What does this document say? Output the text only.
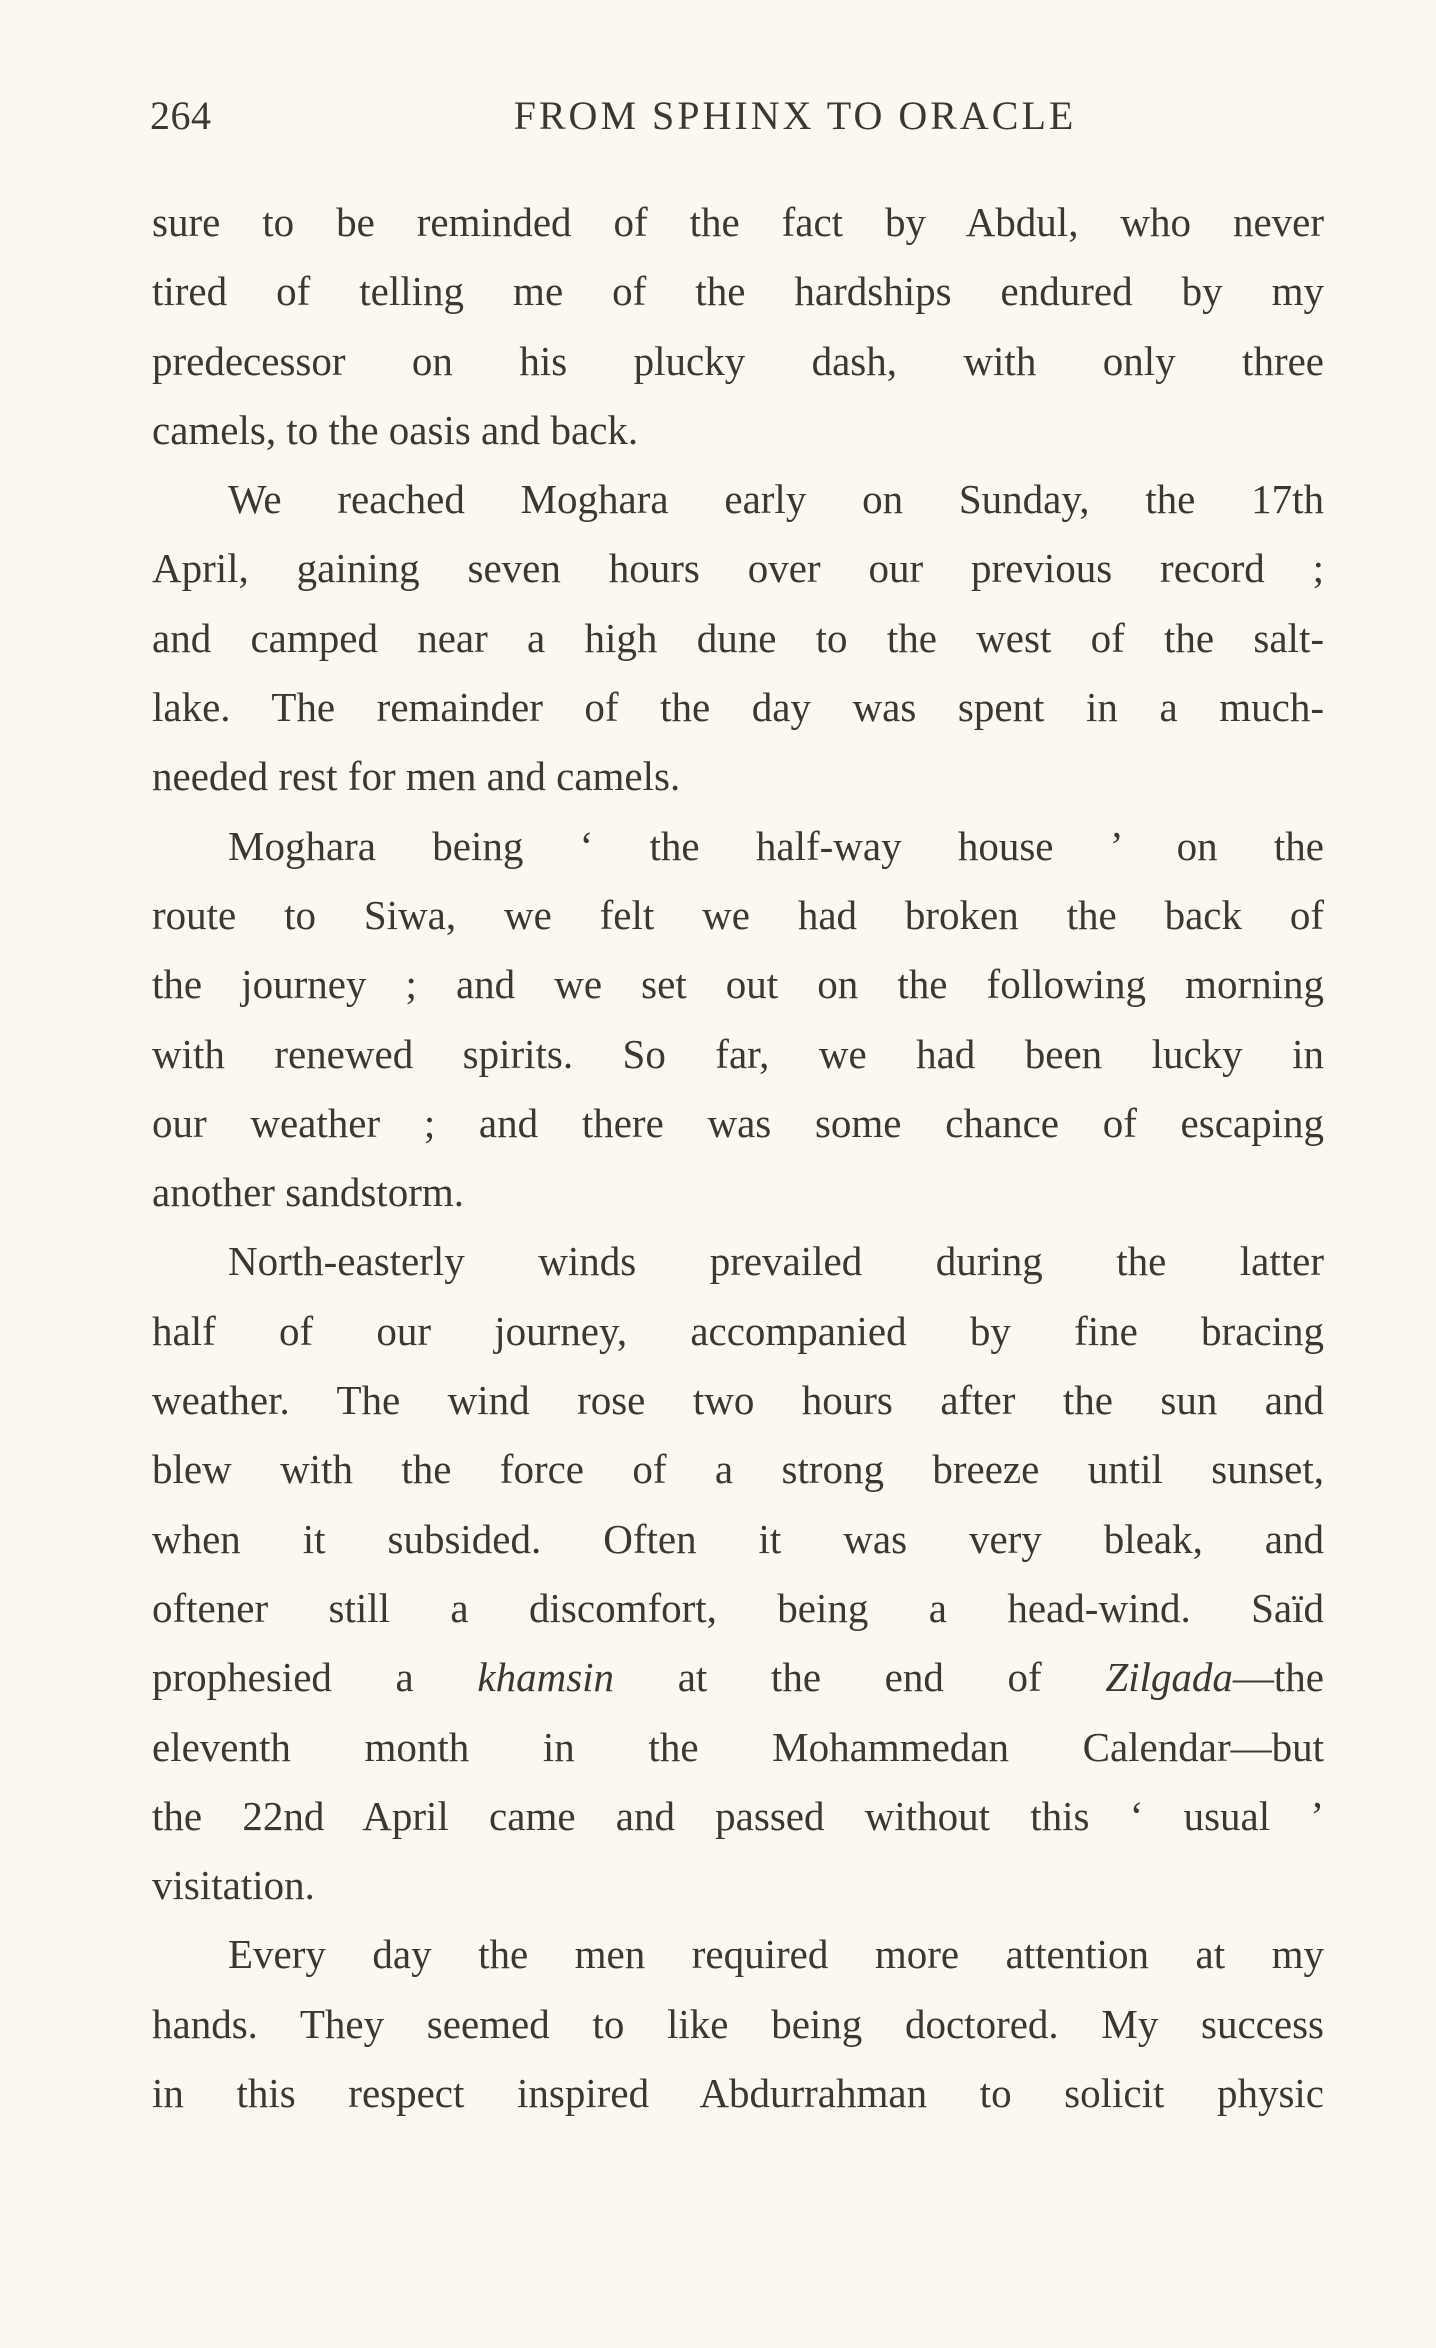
264	FROM SPHINX TO ORACLE
sure to be reminded of the fact by Abdul, who never
tired of telling me of the hardships endured by my
predecessor on his plucky dash, with only three
camels, to the oasis and back.
We reached Moghara early on Sunday, the 17th
April, gaining seven hours over our previous record ;
and camped near a high dune to the west of the salt-
lake. The remainder of the day was spent in a much-
needed rest for men and camels.
Moghara being ‘ the half-way house ’ on the
route to Siwa, we felt we had broken the back of
the journey ; and we set out on the following morning
with renewed spirits. So far, we had been lucky in
our weather ; and there was some chance of escaping
another sandstorm.
North-easterly winds prevailed during the latter
half of our journey, accompanied by fine bracing
weather. The wind rose two hours after the sun and
blew with the force of a strong breeze until sunset,
when it subsided. Often it was very bleak, and
oftener still a discomfort, being a head-wind. Saïd
prophesied a khamsin at the end of Zilgada—the
eleventh month in the Mohammedan Calendar—but
the 22nd April came and passed without this ‘ usual ’
visitation.
Every day the men required more attention at my
hands. They seemed to like being doctored. My success
in this respect inspired Abdurrahman to solicit physic
